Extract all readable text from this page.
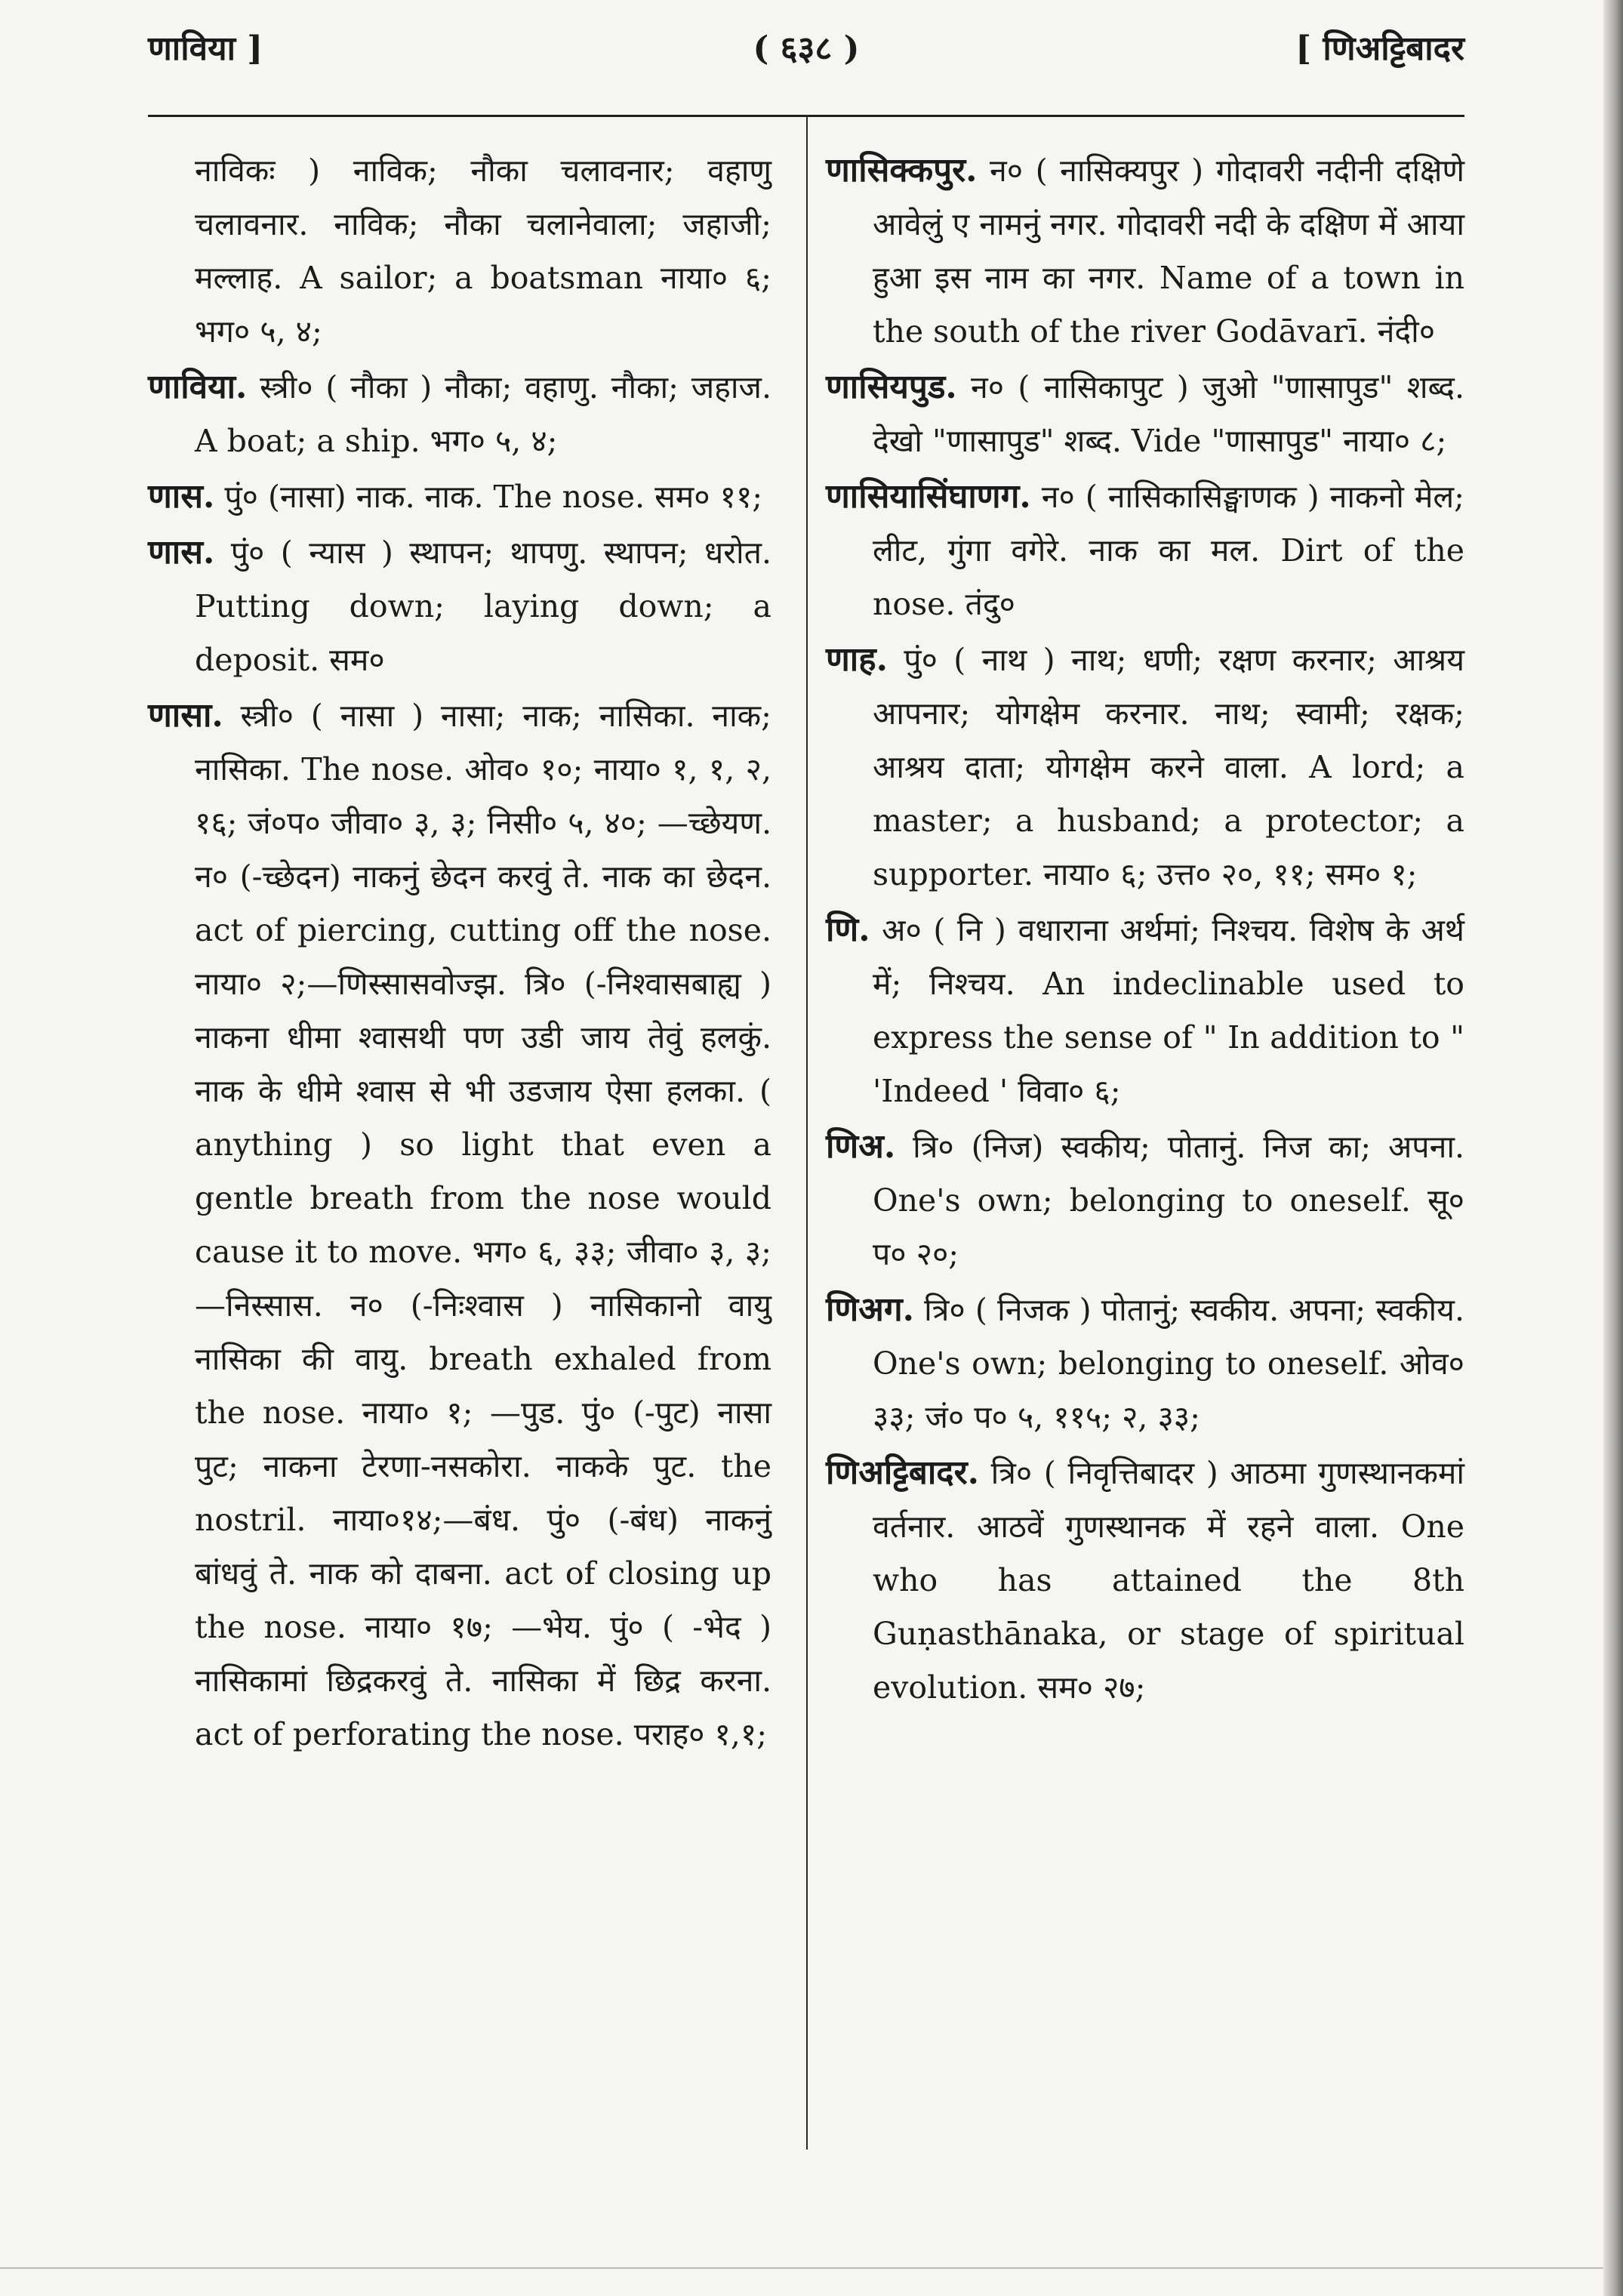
णाविया ]	( ६३८ )	[ णिअट्टिबादर

नाविकः ) नाविक; नौका चलावनार; वहाणु चलावनार. नाविक; नौका चलानेवाला; जहाजी; मल्लाह. A sailor; a boatsman नाया० ६; भग० ५, ४;

णाविया. स्त्री० ( नौका ) नौका; वहाणु. नौका; जहाज. A boat; a ship. भग० ५, ४;

णास. पुं० (नासा) नाक. नाक. The nose. सम० ११;

णास. पुं० ( न्यास ) स्थापन; थापणु. स्थापन; धरोत. Putting down; laying down; a deposit. सम०

णासा. स्त्री० ( नासा ) नासा; नाक; नासिका. नाक; नासिका. The nose. ओव० १०; नाया० १, १, २, १६; जं०प० जीवा० ३, ३; निसी० ५, ४०; —च्छेयण. न० (-च्छेदन) नाकनुं छेदन करवुं ते. नाक का छेदन. act of piercing, cutting off the nose. नाया० २;—णिस्सासवोज्झ. त्रि० (-निश्वासबाह्य ) नाकना धीमा श्वासथी पण उडी जाय तेवुं हलकुं. नाक के धीमे श्वास से भी उडजाय ऐसा हलका. ( anything ) so light that even a gentle breath from the nose would cause it to move. भग० ६, ३३; जीवा० ३, ३; —निस्सास. न० (-निःश्वास ) नासिकानो वायु नासिका की वायु. breath exhaled from the nose. नाया० १; —पुड. पुं० (-पुट) नासा पुट; नाकना टेरणा-नसकोरा. नाकके पुट. the nostril. नाया०१४;—बंध. पुं० (-बंध) नाकनुं बांधवुं ते. नाक को दाबना. act of closing up the nose. नाया० १७; —भेय. पुं० ( -भेद ) नासिकामां छिद्रकरवुं ते. नासिका में छिद्र करना. act of perforating the nose. पराह० १,१;

णासिक्कपुर. न० ( नासिक्यपुर ) गोदावरी नदीनी दक्षिणे आवेलुं ए नामनुं नगर. गोदावरी नदी के दक्षिण में आया हुआ इस नाम का नगर. Name of a town in the south of the river Godāvarī. नंदी०

णासियपुड. न० ( नासिकापुट ) जुओ "णासापुड" शब्द. देखो "णासापुड" शब्द. Vide "णासापुड" नाया० ८;

णासियासिंघाणग. न० ( नासिकासिङ्घाणक ) नाकनो मेल; लीट, गुंगा वगेरे. नाक का मल. Dirt of the nose. तंदु०

णाह. पुं० ( नाथ ) नाथ; धणी; रक्षण करनार; आश्रय आपनार; योगक्षेम करनार. नाथ; स्वामी; रक्षक; आश्रय दाता; योगक्षेम करने वाला. A lord; a master; a husband; a protector; a supporter. नाया० ६; उत्त० २०, ११; सम० १;

णि. अ० ( नि ) वधाराना अर्थमां; निश्चय. विशेष के अर्थ में; निश्चय. An indeclinable used to express the sense of " In addition to " 'Indeed ' विवा० ६;

णिअ. त्रि० (निज) स्वकीय; पोतानुं. निज का; अपना. One's own; belonging to oneself. सू० प० २०;

णिअग. त्रि० ( निजक ) पोतानुं; स्वकीय. अपना; स्वकीय. One's own; belonging to oneself. ओव० ३३; जं० प० ५, ११५; २, ३३;

णिअट्टिबादर. त्रि० ( निवृत्तिबादर ) आठमा गुणस्थानकमां वर्तनार. आठवें गुणस्थानक में रहने वाला. One who has attained the 8th Guṇasthānaka, or stage of spiritual evolution. सम० २७;
